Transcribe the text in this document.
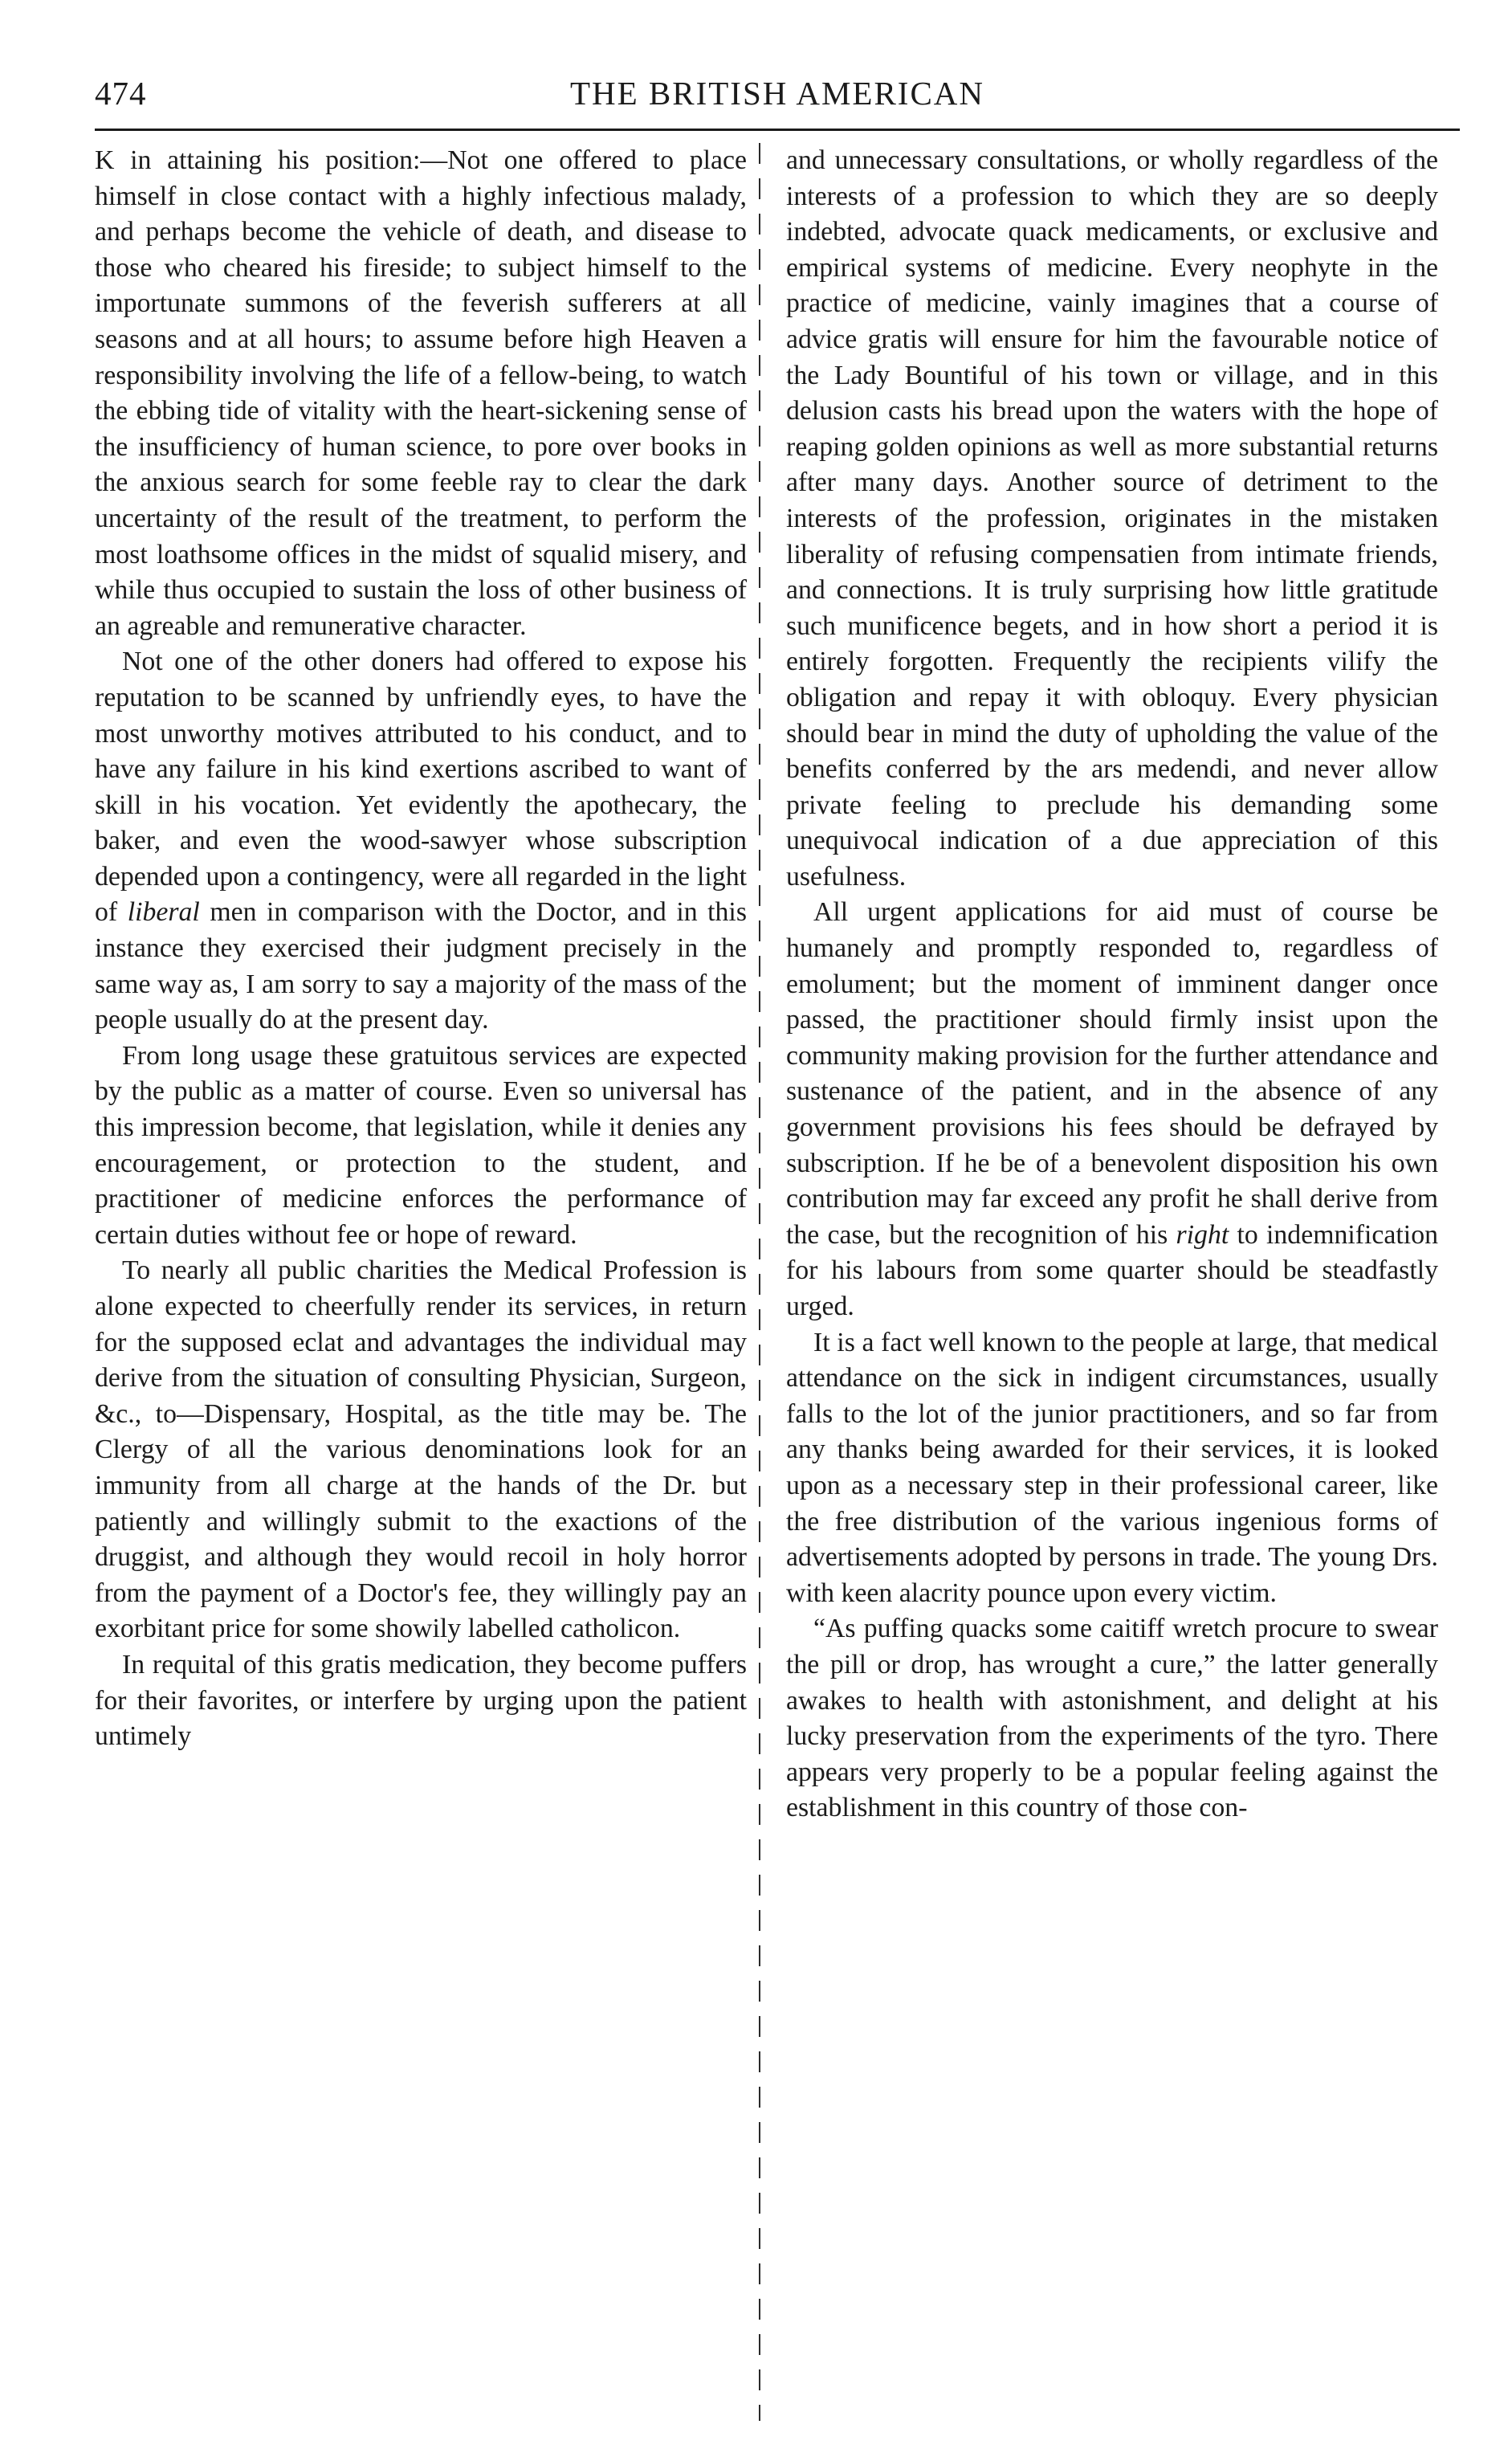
474	THE BRITISH AMERICAN

K in attaining his position:—Not one offered to place himself in close contact with a highly infectious malady, and perhaps become the vehicle of death, and disease to those who cheared his fireside; to subject himself to the importunate summons of the feverish sufferers at all seasons and at all hours; to assume before high Heaven a responsibility involving the life of a fellow-being, to watch the ebbing tide of vitality with the heart-sickening sense of the insufficiency of human science, to pore over books in the anxious search for some feeble ray to clear the dark uncertainty of the result of the treatment, to perform the most loathsome offices in the midst of squalid misery, and while thus occupied to sustain the loss of other business of an agreable and remunerative character.

Not one of the other doners had offered to expose his reputation to be scanned by unfriendly eyes, to have the most unworthy motives attributed to his conduct, and to have any failure in his kind exertions ascribed to want of skill in his vocation. Yet evidently the apothecary, the baker, and even the wood-sawyer whose subscription depended upon a contingency, were all regarded in the light of liberal men in comparison with the Doctor, and in this instance they exercised their judgment precisely in the same way as, I am sorry to say a majority of the mass of the people usually do at the present day.

From long usage these gratuitous services are expected by the public as a matter of course. Even so universal has this impression become, that legislation, while it denies any encouragement, or protection to the student, and practitioner of medicine enforces the performance of certain duties without fee or hope of reward.

To nearly all public charities the Medical Profession is alone expected to cheerfully render its services, in return for the supposed eclat and advantages the individual may derive from the situation of consulting Physician, Surgeon, &c., to—Dispensary, Hospital, as the title may be. The Clergy of all the various denominations look for an immunity from all charge at the hands of the Dr. but patiently and willingly submit to the exactions of the druggist, and although they would recoil in holy horror from the payment of a Doctor's fee, they willingly pay an exorbitant price for some showily labelled catholicon.

In requital of this gratis medication, they become puffers for their favorites, or interfere by urging upon the patient untimely

and unnecessary consultations, or wholly regardless of the interests of a profession to which they are so deeply indebted, advocate quack medicaments, or exclusive and empirical systems of medicine. Every neophyte in the practice of medicine, vainly imagines that a course of advice gratis will ensure for him the favourable notice of the Lady Bountiful of his town or village, and in this delusion casts his bread upon the waters with the hope of reaping golden opinions as well as more substantial returns after many days. Another source of detriment to the interests of the profession, originates in the mistaken liberality of refusing compensatien from intimate friends, and connections. It is truly surprising how little gratitude such munificence begets, and in how short a period it is entirely forgotten. Frequently the recipients vilify the obligation and repay it with obloquy. Every physician should bear in mind the duty of upholding the value of the benefits conferred by the ars medendi, and never allow private feeling to preclude his demanding some unequivocal indication of a due appreciation of this usefulness.

All urgent applications for aid must of course be humanely and promptly responded to, regardless of emolument; but the moment of imminent danger once passed, the practitioner should firmly insist upon the community making provision for the further attendance and sustenance of the patient, and in the absence of any government provisions his fees should be defrayed by subscription. If he be of a benevolent disposition his own contribution may far exceed any profit he shall derive from the case, but the recognition of his right to indemnification for his labours from some quarter should be steadfastly urged.

It is a fact well known to the people at large, that medical attendance on the sick in indigent circumstances, usually falls to the lot of the junior practitioners, and so far from any thanks being awarded for their services, it is looked upon as a necessary step in their professional career, like the free distribution of the various ingenious forms of advertisements adopted by persons in trade. The young Drs. with keen alacrity pounce upon every victim.

“As puffing quacks some caitiff wretch procure to swear the pill or drop, has wrought a cure,” the latter generally awakes to health with astonishment, and delight at his lucky preservation from the experiments of the tyro. There appears very properly to be a popular feeling against the establishment in this country of those con-
